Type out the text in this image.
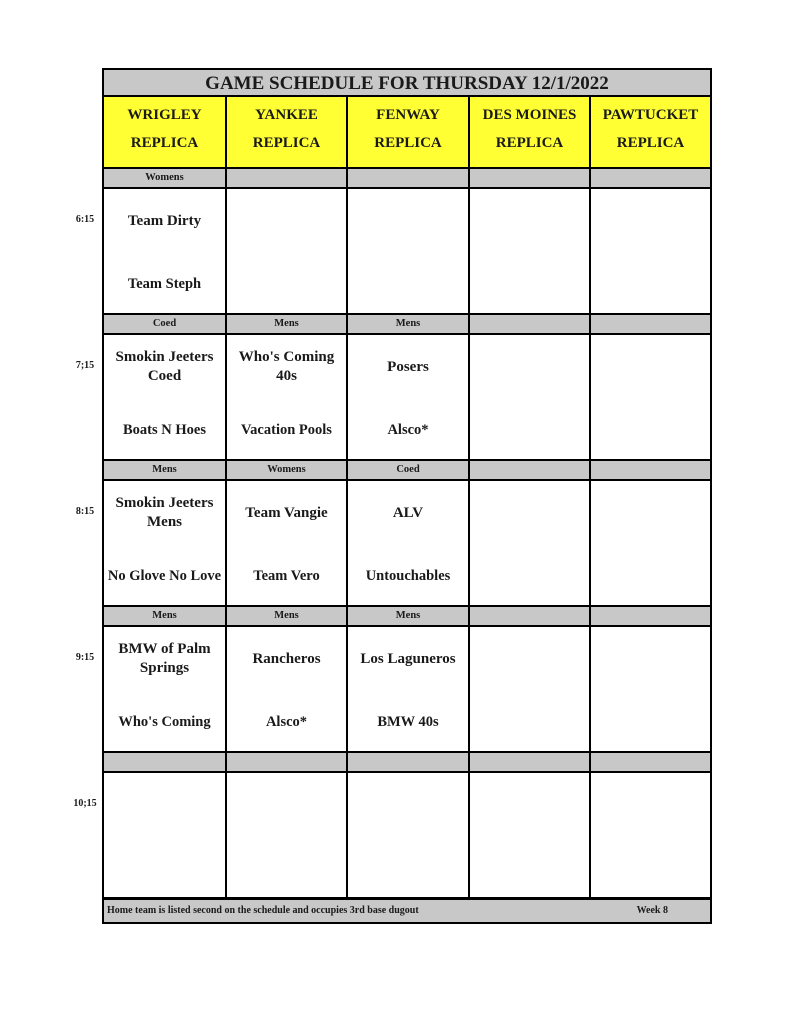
GAME SCHEDULE FOR THURSDAY 12/1/2022
WRIGLEY
REPLICA
YANKEE
REPLICA
FENWAY
REPLICA
DES MOINES
REPLICA
PAWTUCKET
REPLICA
Home team is listed second on the schedule and occupies 3rd base dugout	Week 8
Womens
Team Dirty
Team Steph
Coed
Smokin Jeeters Coed
Boats N Hoes
Mens
Who's Coming 40s
Vacation Pools
Mens
Posers
Alsco*
Mens
Smokin Jeeters Mens
No Glove No Love
Womens
Team Vangie
Team Vero
Coed
ALV
Untouchables
Mens
BMW of Palm Springs
Who's Coming
Mens
Rancheros
Alsco*
Mens
Los Laguneros
BMW 40s
6:15
7;15
8:15
9:15
10;15
